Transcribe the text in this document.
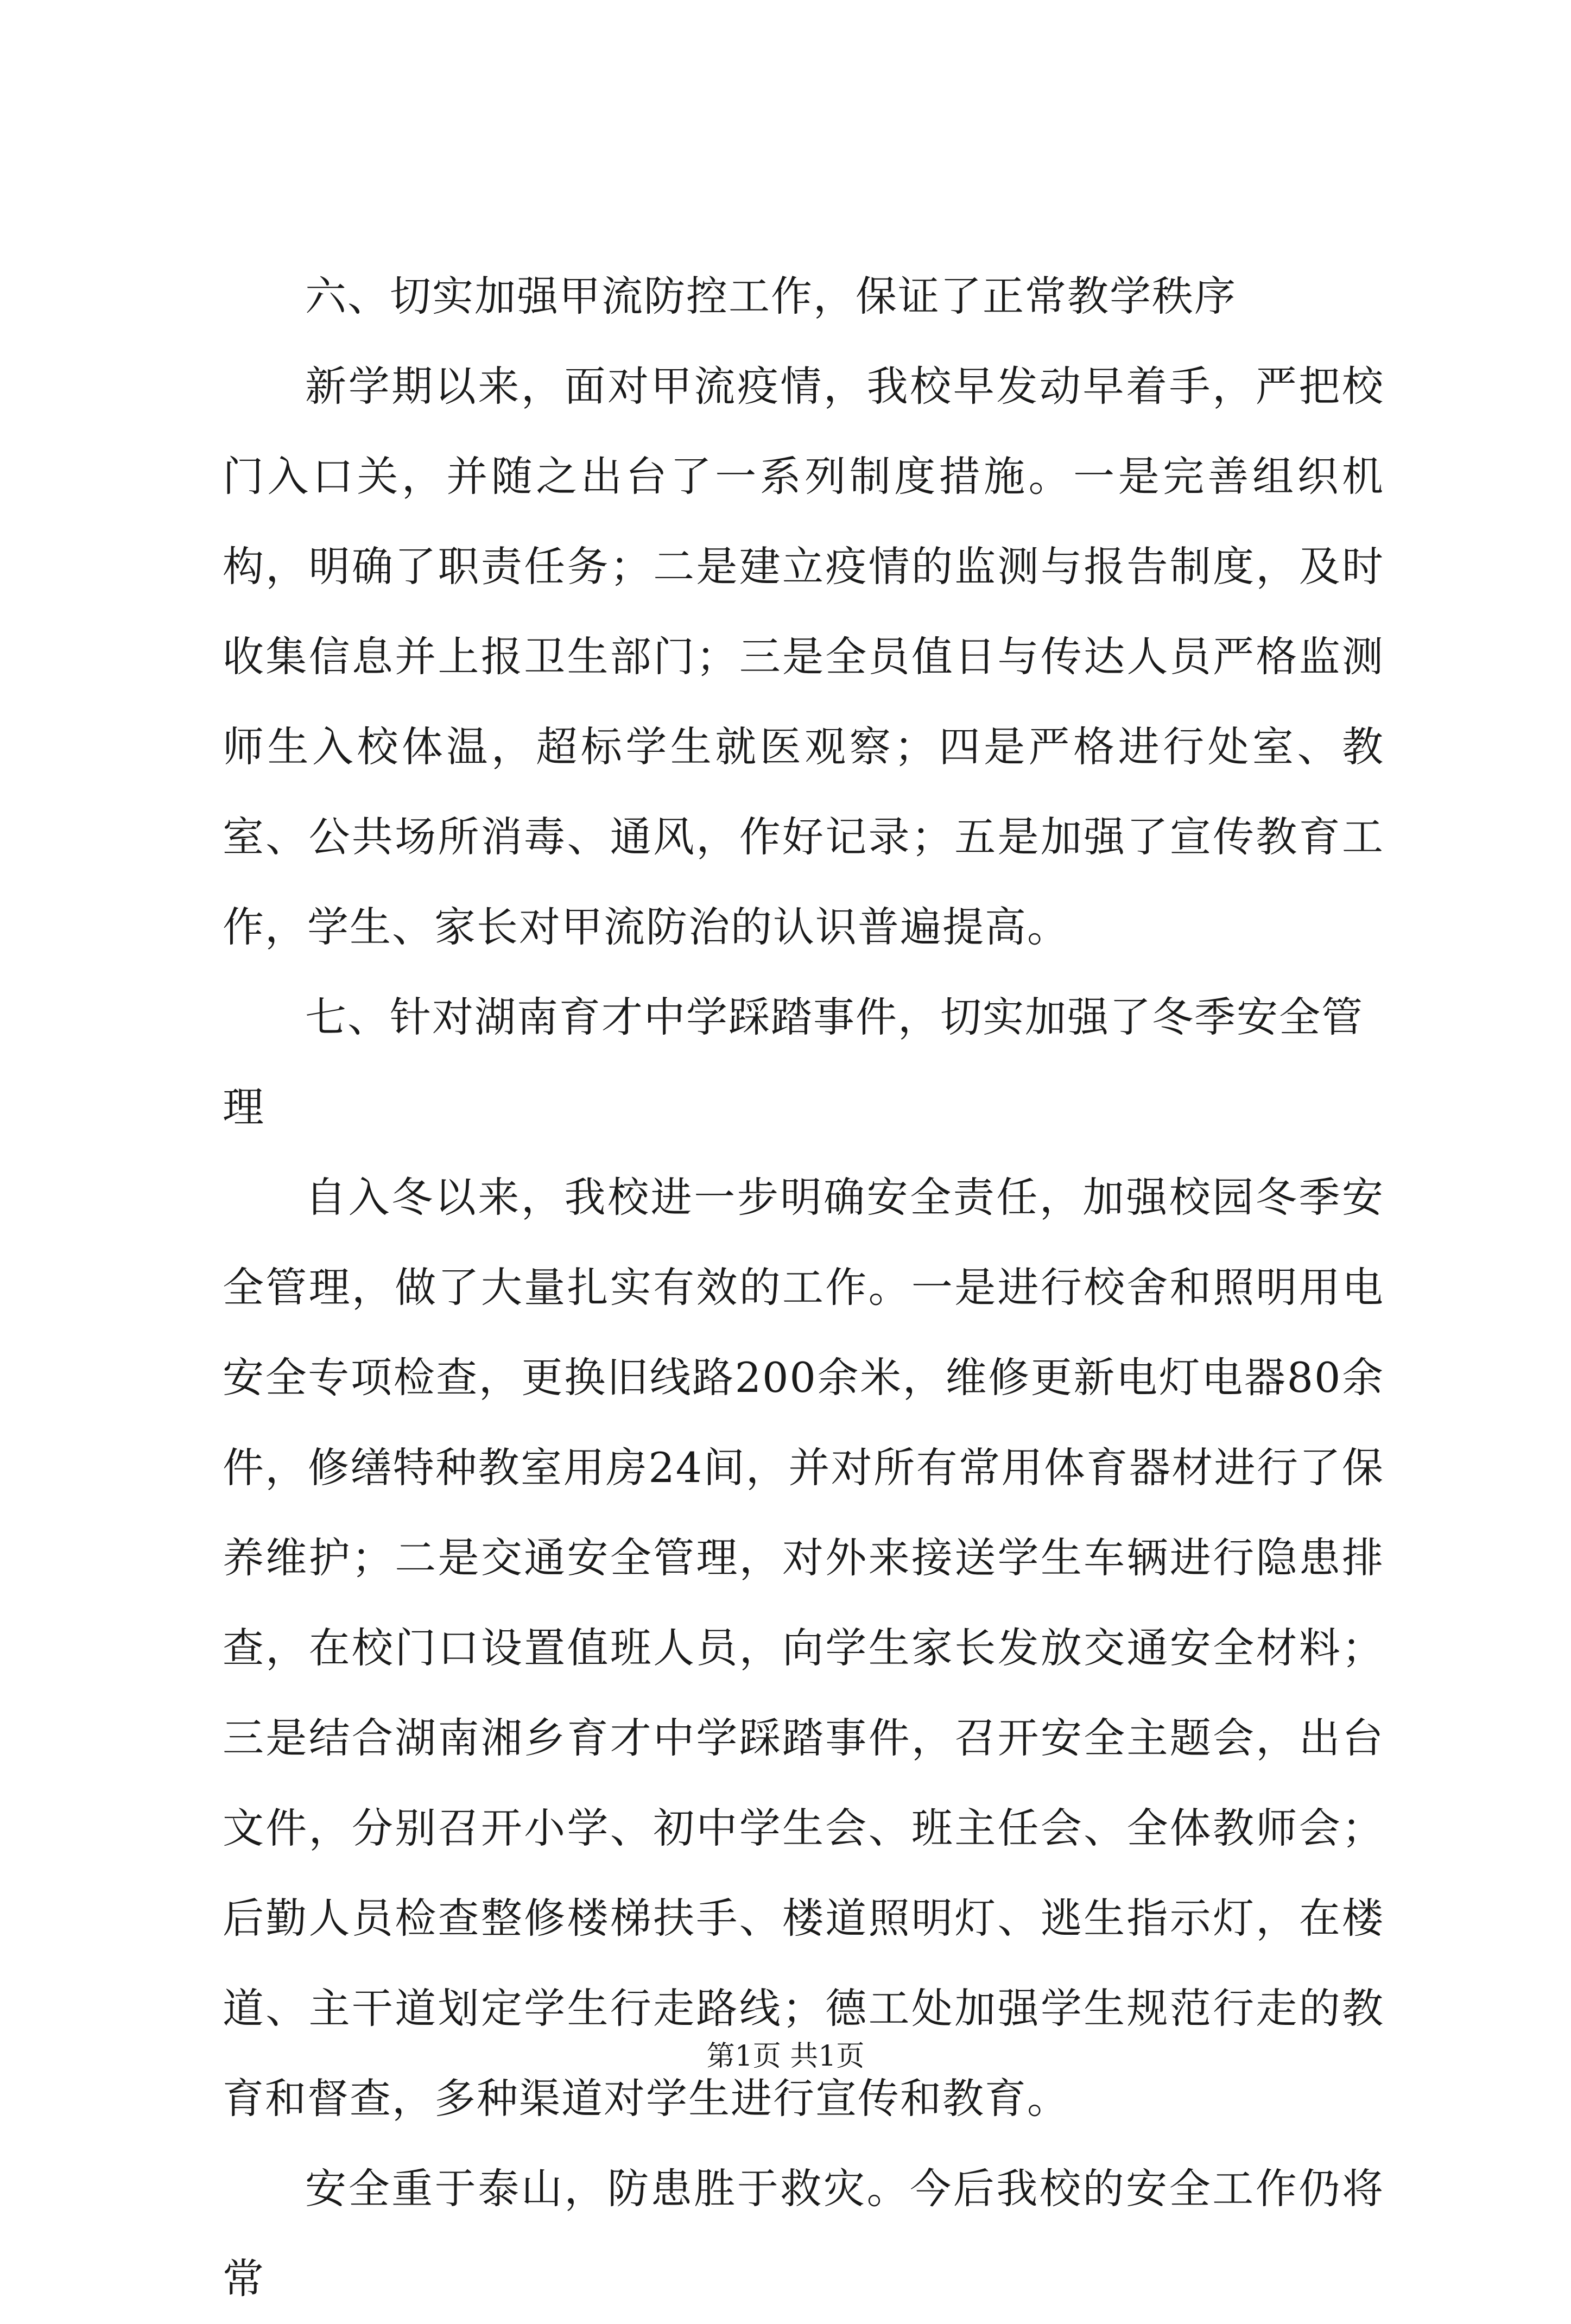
六、切实加强甲流防控工作，保证了正常教学秩序

新学期以来，面对甲流疫情，我校早发动早着手，严把校门入口关，并随之出台了一系列制度措施。一是完善组织机构，明确了职责任务；二是建立疫情的监测与报告制度，及时收集信息并上报卫生部门；三是全员值日与传达人员严格监测师生入校体温，超标学生就医观察；四是严格进行处室、教室、公共场所消毒、通风，作好记录；五是加强了宣传教育工作，学生、家长对甲流防治的认识普遍提高。

七、针对湖南育才中学踩踏事件，切实加强了冬季安全管理

自入冬以来，我校进一步明确安全责任，加强校园冬季安全管理，做了大量扎实有效的工作。一是进行校舍和照明用电安全专项检查，更换旧线路200余米，维修更新电灯电器80余件，修缮特种教室用房24间，并对所有常用体育器材进行了保养维护；二是交通安全管理，对外来接送学生车辆进行隐患排查，在校门口设置值班人员，向学生家长发放交通安全材料；三是结合湖南湘乡育才中学踩踏事件，召开安全主题会，出台文件，分别召开小学、初中学生会、班主任会、全体教师会；后勤人员检查整修楼梯扶手、楼道照明灯、逃生指示灯，在楼道、主干道划定学生行走路线；德工处加强学生规范行走的教育和督查，多种渠道对学生进行宣传和教育。

安全重于泰山，防患胜于救灾。今后我校的安全工作仍将常

第1页 共1页
